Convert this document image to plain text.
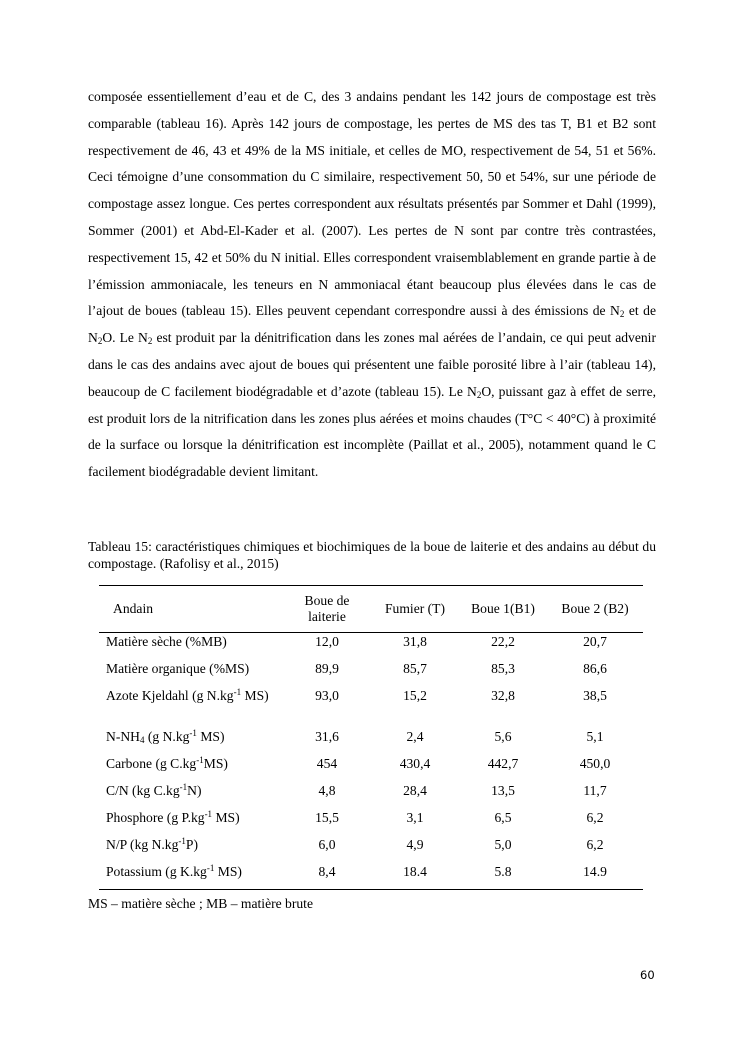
composée essentiellement d’eau et de C, des 3 andains pendant les 142 jours de compostage est très comparable (tableau 16). Après 142 jours de compostage, les pertes de MS des tas T, B1 et B2 sont respectivement de 46, 43 et 49% de la MS initiale, et celles de MO, respectivement de 54, 51 et 56%. Ceci témoigne d’une consommation du C similaire, respectivement 50, 50 et 54%, sur une période de compostage assez longue. Ces pertes correspondent aux résultats présentés par Sommer et Dahl (1999), Sommer (2001) et Abd-El-Kader et al. (2007). Les pertes de N sont par contre très contrastées, respectivement 15, 42 et 50% du N initial. Elles correspondent vraisemblablement en grande partie à de l’émission ammoniacale, les teneurs en N ammoniacal étant beaucoup plus élevées dans le cas de l’ajout de boues (tableau 15). Elles peuvent cependant correspondre aussi à des émissions de $N_2$ et de $N_2O$. Le $N_2$ est produit par la dénitrification dans les zones mal aérées de l’andain, ce qui peut advenir dans le cas des andains avec ajout de boues qui présentent une faible porosité libre à l’air (tableau 14), beaucoup de C facilement biodégradable et d’azote (tableau 15). Le $N_2O$, puissant gaz à effet de serre, est produit lors de la nitrification dans les zones plus aérées et moins chaudes (T°C < 40°C) à proximité de la surface ou lorsque la dénitrification est incomplète (Paillat et al., 2005), notamment quand le C facilement biodégradable devient limitant.

Tableau 15: caractéristiques chimiques et biochimiques de la boue de laiterie et des andains au début du compostage. (Rafolisy et al., 2015)

Andain	Boue de laiterie	Fumier (T)	Boue 1(B1)	Boue 2 (B2)
Matière sèche (%MB)	12,0	31,8	22,2	20,7
Matière organique (%MS)	89,9	85,7	85,3	86,6
Azote Kjeldahl (g $N.kg^{-1}$ MS)	93,0	15,2	32,8	38,5
$N-NH_4$ (g $N.kg^{-1}$ MS)	31,6	2,4	5,6	5,1
Carbone (g $C.kg^{-1}MS$)	454	430,4	442,7	450,0
C/N (kg $C.kg^{-1}N$)	4,8	28,4	13,5	11,7
Phosphore (g $P.kg^{-1}$ MS)	15,5	3,1	6,5	6,2
N/P (kg $N.kg^{-1}P$)	6,0	4,9	5,0	6,2
Potassium (g $K.kg^{-1}$ MS)	8,4	18.4	5.8	14.9

MS – matière sèche ; MB – matière brute

60
